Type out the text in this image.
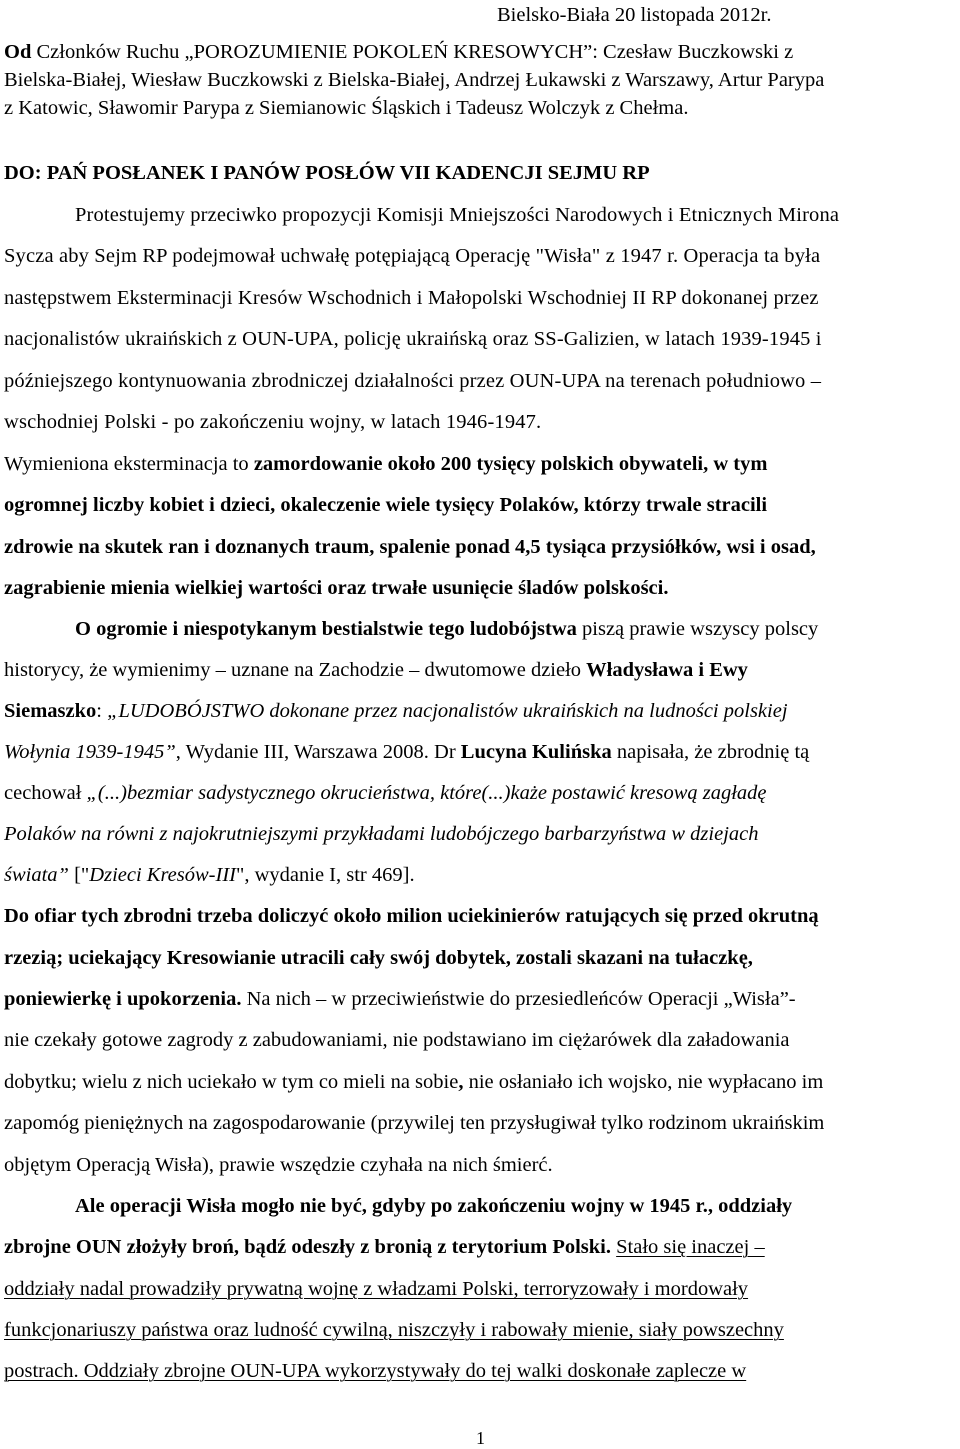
Bielsko-Biała 20 listopada 2012r.
Od Członków Ruchu „POROZUMIENIE POKOLEŃ KRESOWYCH”: Czesław Buczkowski z
Bielska-Białej, Wiesław Buczkowski z Bielska-Białej, Andrzej Łukawski z Warszawy, Artur Parypa
z Katowic, Sławomir Parypa z Siemianowic Śląskich i Tadeusz Wolczyk z Chełma.
DO: PAŃ POSŁANEK I PANÓW POSŁÓW VII KADENCJI SEJMU RP
Protestujemy przeciwko propozycji Komisji Mniejszości Narodowych i Etnicznych Mirona
Sycza aby Sejm RP podejmował uchwałę potępiającą Operację "Wisła" z 1947 r. Operacja ta była
następstwem Eksterminacji Kresów Wschodnich i Małopolski Wschodniej II RP dokonanej przez
nacjonalistów ukraińskich z OUN-UPA, policję ukraińską oraz SS-Galizien, w latach 1939-1945 i
późniejszego kontynuowania zbrodniczej działalności przez OUN-UPA na terenach południowo –
wschodniej Polski - po zakończeniu wojny, w latach 1946-1947.
Wymieniona eksterminacja to zamordowanie około 200 tysięcy polskich obywateli, w tym
ogromnej liczby kobiet i dzieci, okaleczenie wiele tysięcy Polaków, którzy trwale stracili
zdrowie na skutek ran i doznanych traum, spalenie ponad 4,5 tysiąca przysiółków, wsi i osad,
zagrabienie mienia wielkiej wartości oraz trwałe usunięcie śladów polskości.
O ogromie i niespotykanym bestialstwie tego ludobójstwa piszą prawie wszyscy polscy
historycy, że wymienimy – uznane na Zachodzie – dwutomowe dzieło Władysława i Ewy
Siemaszko: „LUDOBÓJSTWO dokonane przez nacjonalistów ukraińskich na ludności polskiej
Wołynia 1939-1945”, Wydanie III, Warszawa 2008. Dr Lucyna Kulińska napisała, że zbrodnię tą
cechował „(...)bezmiar sadystycznego okrucieństwa, które(...)każe postawić kresową zagładę
Polaków na równi z najokrutniejszymi przykładami ludobójczego barbarzyństwa w dziejach
świata” ["Dzieci Kresów-III", wydanie I, str 469].
Do ofiar tych zbrodni trzeba doliczyć około milion uciekinierów ratujących się przed okrutną
rzezią; uciekający Kresowianie utracili cały swój dobytek, zostali skazani na tułaczkę,
poniewierkę i upokorzenia. Na nich – w przeciwieństwie do przesiedleńców Operacji „Wisła”-
nie czekały gotowe zagrody z zabudowaniami, nie podstawiano im ciężarówek dla załadowania
dobytku; wielu z nich uciekało w tym co mieli na sobie, nie osłaniało ich wojsko, nie wypłacano im
zapomóg pieniężnych na zagospodarowanie (przywilej ten przysługiwał tylko rodzinom ukraińskim
objętym Operacją Wisła), prawie wszędzie czyhała na nich śmierć.
Ale operacji Wisła mogło nie być, gdyby po zakończeniu wojny w 1945 r., oddziały
zbrojne OUN złożyły broń, bądź odeszły z bronią z terytorium Polski. Stało się inaczej –
oddziały nadal prowadziły prywatną wojnę z władzami Polski, terroryzowały i mordowały
funkcjonariuszy państwa oraz ludność cywilną, niszczyły i rabowały mienie, siały powszechny
postrach. Oddziały zbrojne OUN-UPA wykorzystywały do tej walki doskonałe zaplecze w
1
